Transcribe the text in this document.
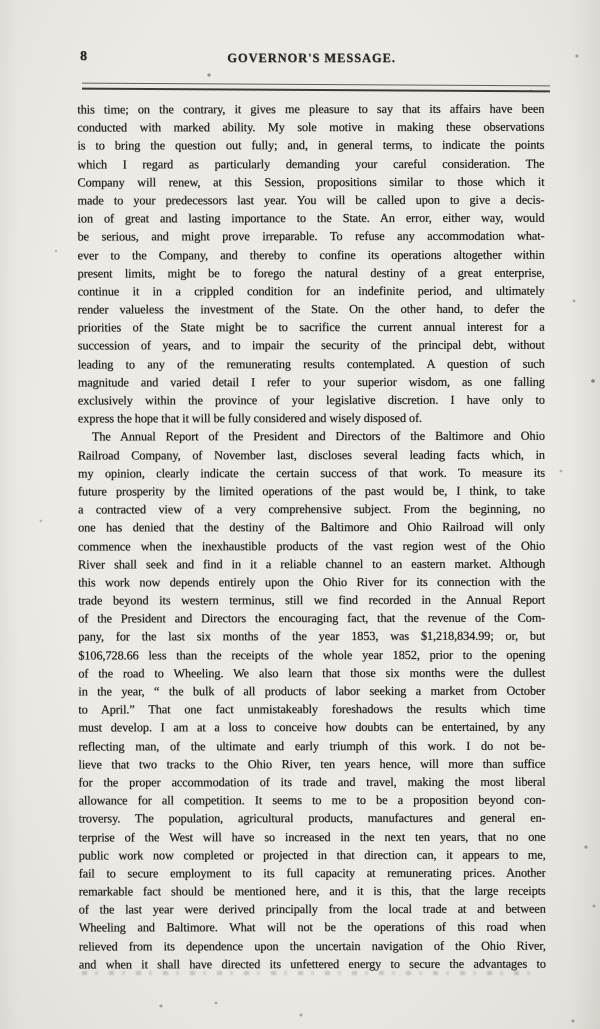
8	GOVERNOR'S MESSAGE.
this time; on the contrary, it gives me pleasure to say that its affairs have been
conducted with marked ability. My sole motive in making these observations
is to bring the question out fully; and, in general terms, to indicate the points
which I regard as particularly demanding your careful consideration. The
Company will renew, at this Session, propositions similar to those which it
made to your predecessors last year. You will be called upon to give a decis-
ion of great and lasting importance to the State. An error, either way, would
be serious, and might prove irreparable. To refuse any accommodation what-
ever to the Company, and thereby to confine its operations altogether within
present limits, might be to forego the natural destiny of a great enterprise,
continue it in a crippled condition for an indefinite period, and ultimately
render valueless the investment of the State. On the other hand, to defer the
priorities of the State might be to sacrifice the current annual interest for a
succession of years, and to impair the security of the principal debt, without
leading to any of the remunerating results contemplated. A question of such
magnitude and varied detail I refer to your superior wisdom, as one falling
exclusively within the province of your legislative discretion. I have only to
express the hope that it will be fully considered and wisely disposed of.
The Annual Report of the President and Directors of the Baltimore and Ohio
Railroad Company, of November last, discloses several leading facts which, in
my opinion, clearly indicate the certain success of that work. To measure its
future prosperity by the limited operations of the past would be, I think, to take
a contracted view of a very comprehensive subject. From the beginning, no
one has denied that the destiny of the Baltimore and Ohio Railroad will only
commence when the inexhaustible products of the vast region west of the Ohio
River shall seek and find in it a reliable channel to an eastern market. Although
this work now depends entirely upon the Ohio River for its connection with the
trade beyond its western terminus, still we find recorded in the Annual Report
of the President and Directors the encouraging fact, that the revenue of the Com-
pany, for the last six months of the year 1853, was $1,218,834.99; or, but
$106,728.66 less than the receipts of the whole year 1852, prior to the opening
of the road to Wheeling. We also learn that those six months were the dullest
in the year, “ the bulk of all products of labor seeking a market from October
to April.” That one fact unmistakeably foreshadows the results which time
must develop. I am at a loss to conceive how doubts can be entertained, by any
reflecting man, of the ultimate and early triumph of this work. I do not be-
lieve that two tracks to the Ohio River, ten years hence, will more than suffice
for the proper accommodation of its trade and travel, making the most liberal
allowance for all competition. It seems to me to be a proposition beyond con-
troversy. The population, agricultural products, manufactures and general en-
terprise of the West will have so increased in the next ten years, that no one
public work now completed or projected in that direction can, it appears to me,
fail to secure employment to its full capacity at remunerating prices. Another
remarkable fact should be mentioned here, and it is this, that the large receipts
of the last year were derived principally from the local trade at and between
Wheeling and Baltimore. What will not be the operations of this road when
relieved from its dependence upon the uncertain navigation of the Ohio River,
and when it shall have directed its unfettered energy to secure the advantages to
